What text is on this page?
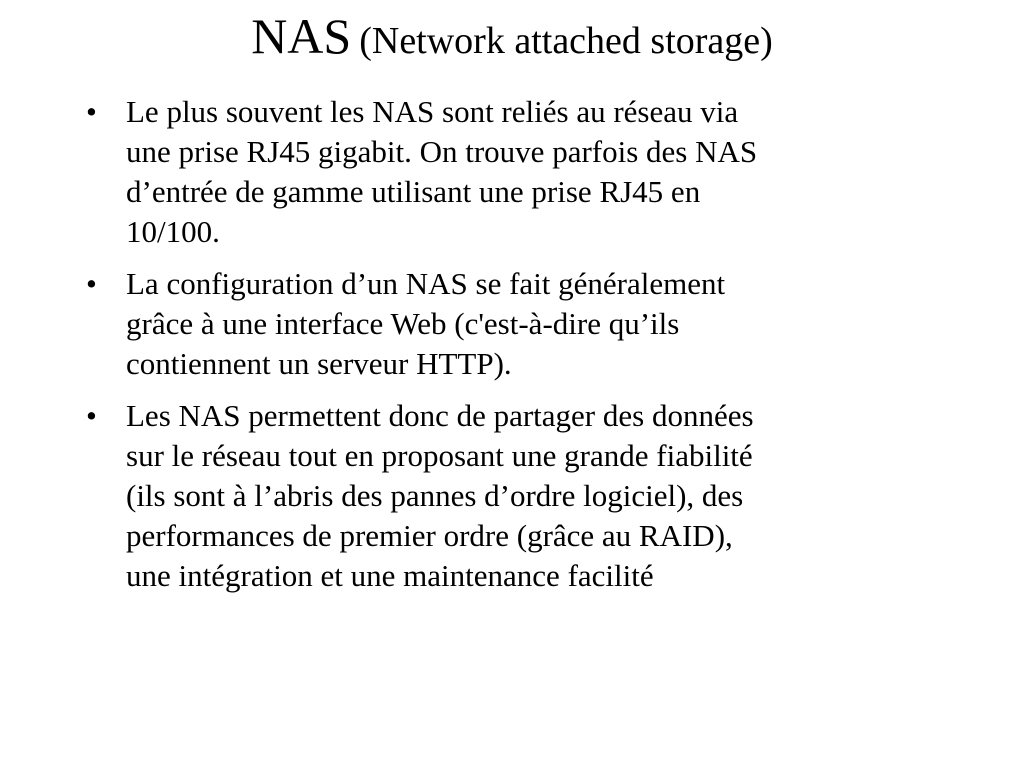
NAS (Network attached storage)
• Le plus souvent les NAS sont reliés au réseau via
une prise RJ45 gigabit. On trouve parfois des NAS
d’entrée de gamme utilisant une prise RJ45 en
10/100.
• La configuration d’un NAS se fait généralement
grâce à une interface Web (c'est-à-dire qu’ils
contiennent un serveur HTTP).
• Les NAS permettent donc de partager des données
sur le réseau tout en proposant une grande fiabilité
(ils sont à l’abris des pannes d’ordre logiciel), des
performances de premier ordre (grâce au RAID),
une intégration et une maintenance facilité
